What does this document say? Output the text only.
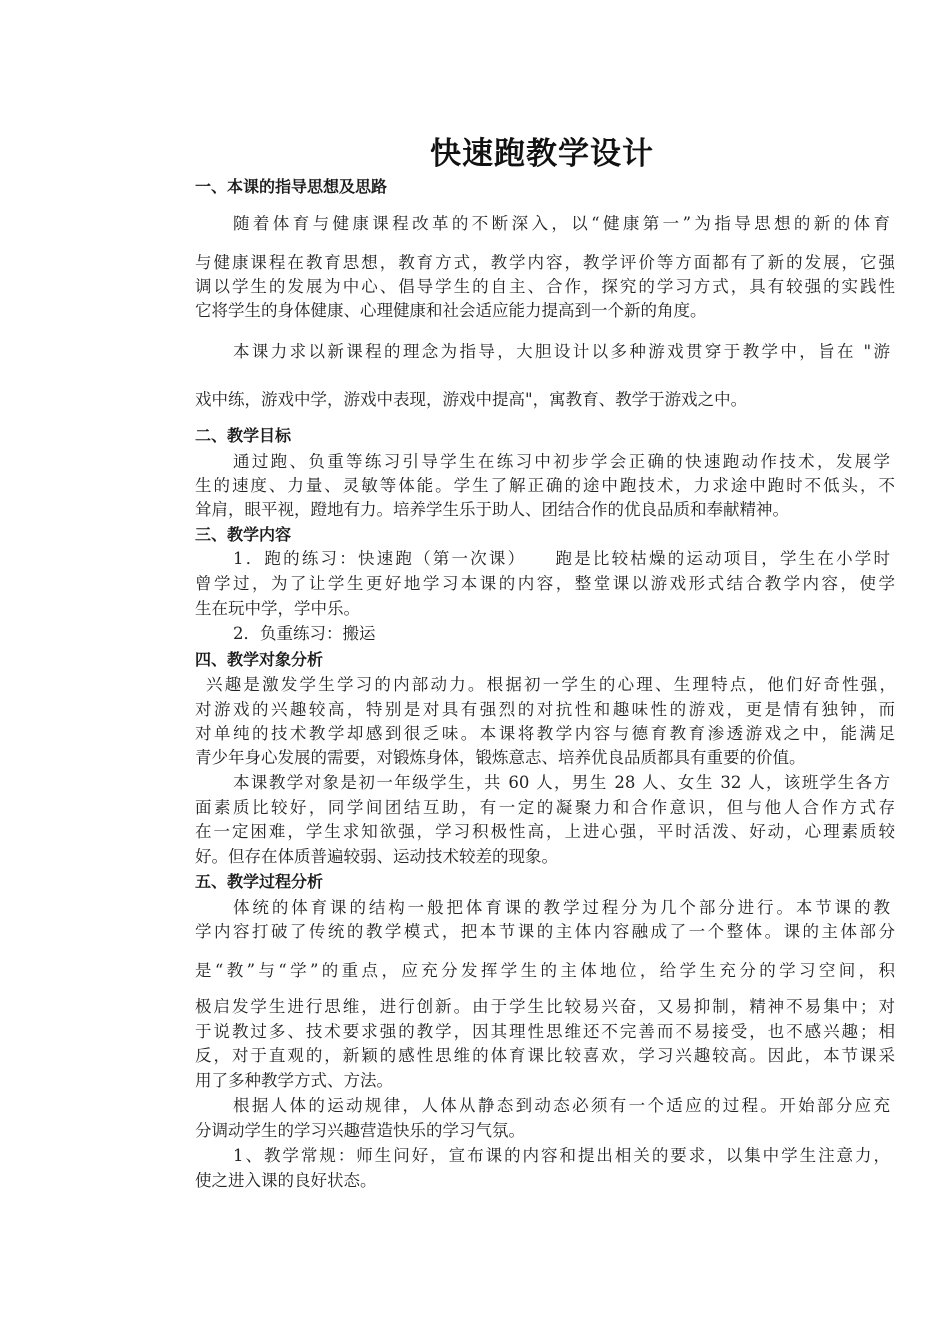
快速跑教学设计
一、本课的指导思想及思路
随着体育与健康课程改革的不断深入，以“健康第一”为指导思想的新的体育
与健康课程在教育思想，教育方式，教学内容，教学评价等方面都有了新的发展，它强
调以学生的发展为中心、倡导学生的自主、合作，探究的学习方式，具有较强的实践性
它将学生的身体健康、心理健康和社会适应能力提高到一个新的角度。
本课力求以新课程的理念为指导，大胆设计以多种游戏贯穿于教学中，旨在 "游
戏中练，游戏中学，游戏中表现，游戏中提高"，寓教育、教学于游戏之中。
二、教学目标
通过跑、负重等练习引导学生在练习中初步学会正确的快速跑动作技术，发展学
生的速度、力量、灵敏等体能。学生了解正确的途中跑技术，力求途中跑时不低头，不
耸肩，眼平视，蹬地有力。培养学生乐于助人、团结合作的优良品质和奉献精神。
三、教学内容
1．跑的练习：快速跑（第一次课）　　跑是比较枯燥的运动项目，学生在小学时
曾学过，为了让学生更好地学习本课的内容，整堂课以游戏形式结合教学内容，使学
生在玩中学，学中乐。
2．负重练习：搬运
四、教学对象分析
兴趣是激发学生学习的内部动力。根据初一学生的心理、生理特点，他们好奇性强，
对游戏的兴趣较高，特别是对具有强烈的对抗性和趣味性的游戏，更是情有独钟，而
对单纯的技术教学却感到很乏味。本课将教学内容与德育教育渗透游戏之中，能满足
青少年身心发展的需要，对锻炼身体，锻炼意志、培养优良品质都具有重要的价值。
本课教学对象是初一年级学生，共 60 人，男生 28 人、女生 32 人，该班学生各方
面素质比较好，同学间团结互助，有一定的凝聚力和合作意识，但与他人合作方式存
在一定困难，学生求知欲强，学习积极性高，上进心强，平时活泼、好动，心理素质较
好。但存在体质普遍较弱、运动技术较差的现象。
五、教学过程分析
体统的体育课的结构一般把体育课的教学过程分为几个部分进行。本节课的教
学内容打破了传统的教学模式，把本节课的主体内容融成了一个整体。课的主体部分
是“教”与“学”的重点，应充分发挥学生的主体地位，给学生充分的学习空间，积
极启发学生进行思维，进行创新。由于学生比较易兴奋，又易抑制，精神不易集中；对
于说教过多、技术要求强的教学，因其理性思维还不完善而不易接受，也不感兴趣；相
反，对于直观的，新颖的感性思维的体育课比较喜欢，学习兴趣较高。因此，本节课采
用了多种教学方式、方法。
根据人体的运动规律，人体从静态到动态必须有一个适应的过程。开始部分应充
分调动学生的学习兴趣营造快乐的学习气氛。
1、教学常规：师生问好，宣布课的内容和提出相关的要求，以集中学生注意力，
使之进入课的良好状态。
